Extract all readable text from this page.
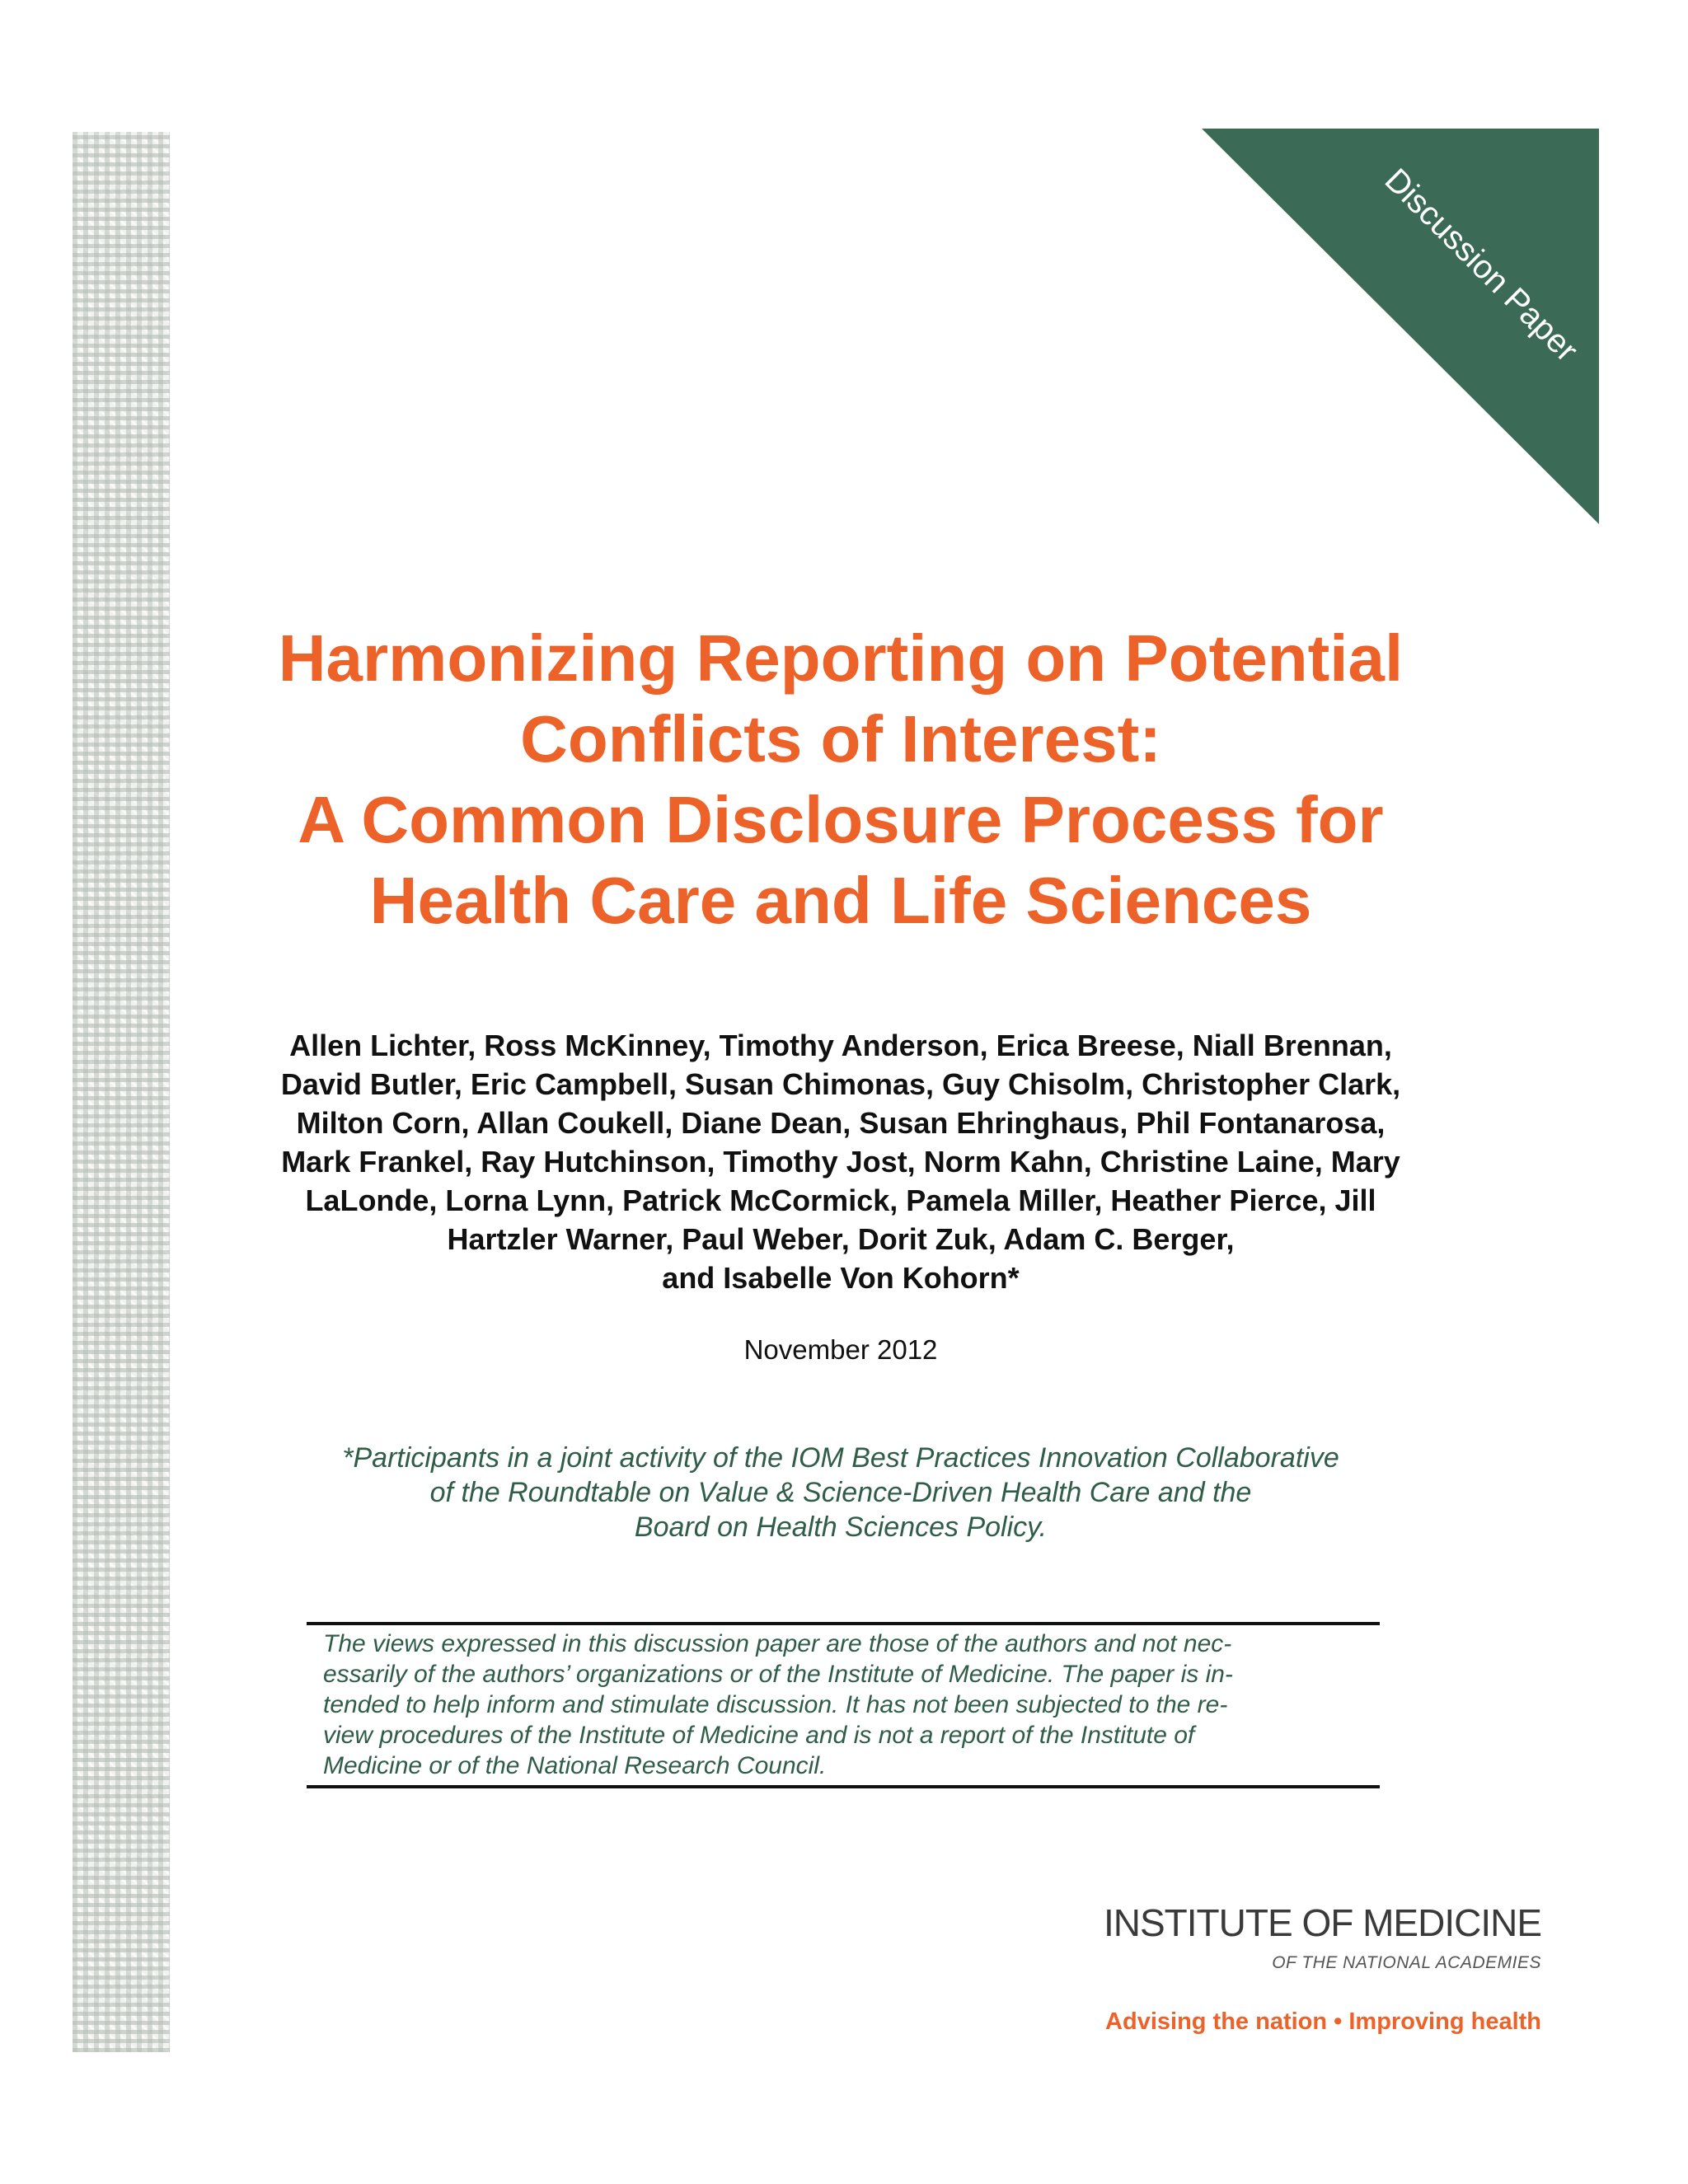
Discussion Paper
Harmonizing Reporting on Potential
Conflicts of Interest:
A Common Disclosure Process for
Health Care and Life Sciences
Allen Lichter, Ross McKinney, Timothy Anderson, Erica Breese, Niall Brennan,
David Butler, Eric Campbell, Susan Chimonas, Guy Chisolm, Christopher Clark,
Milton Corn, Allan Coukell, Diane Dean, Susan Ehringhaus, Phil Fontanarosa,
Mark Frankel, Ray Hutchinson, Timothy Jost, Norm Kahn, Christine Laine, Mary
LaLonde, Lorna Lynn, Patrick McCormick, Pamela Miller, Heather Pierce, Jill
Hartzler Warner, Paul Weber, Dorit Zuk, Adam C. Berger,
and Isabelle Von Kohorn*
November 2012
*Participants in a joint activity of the IOM Best Practices Innovation Collaborative
of the Roundtable on Value & Science-Driven Health Care and the
Board on Health Sciences Policy.
The views expressed in this discussion paper are those of the authors and not nec-
essarily of the authors’ organizations or of the Institute of Medicine. The paper is in-
tended to help inform and stimulate discussion. It has not been subjected to the re-
view procedures of the Institute of Medicine and is not a report of the Institute of
Medicine or of the National Research Council.
INSTITUTE OF MEDICINE
OF THE NATIONAL ACADEMIES
Advising the nation • Improving health
